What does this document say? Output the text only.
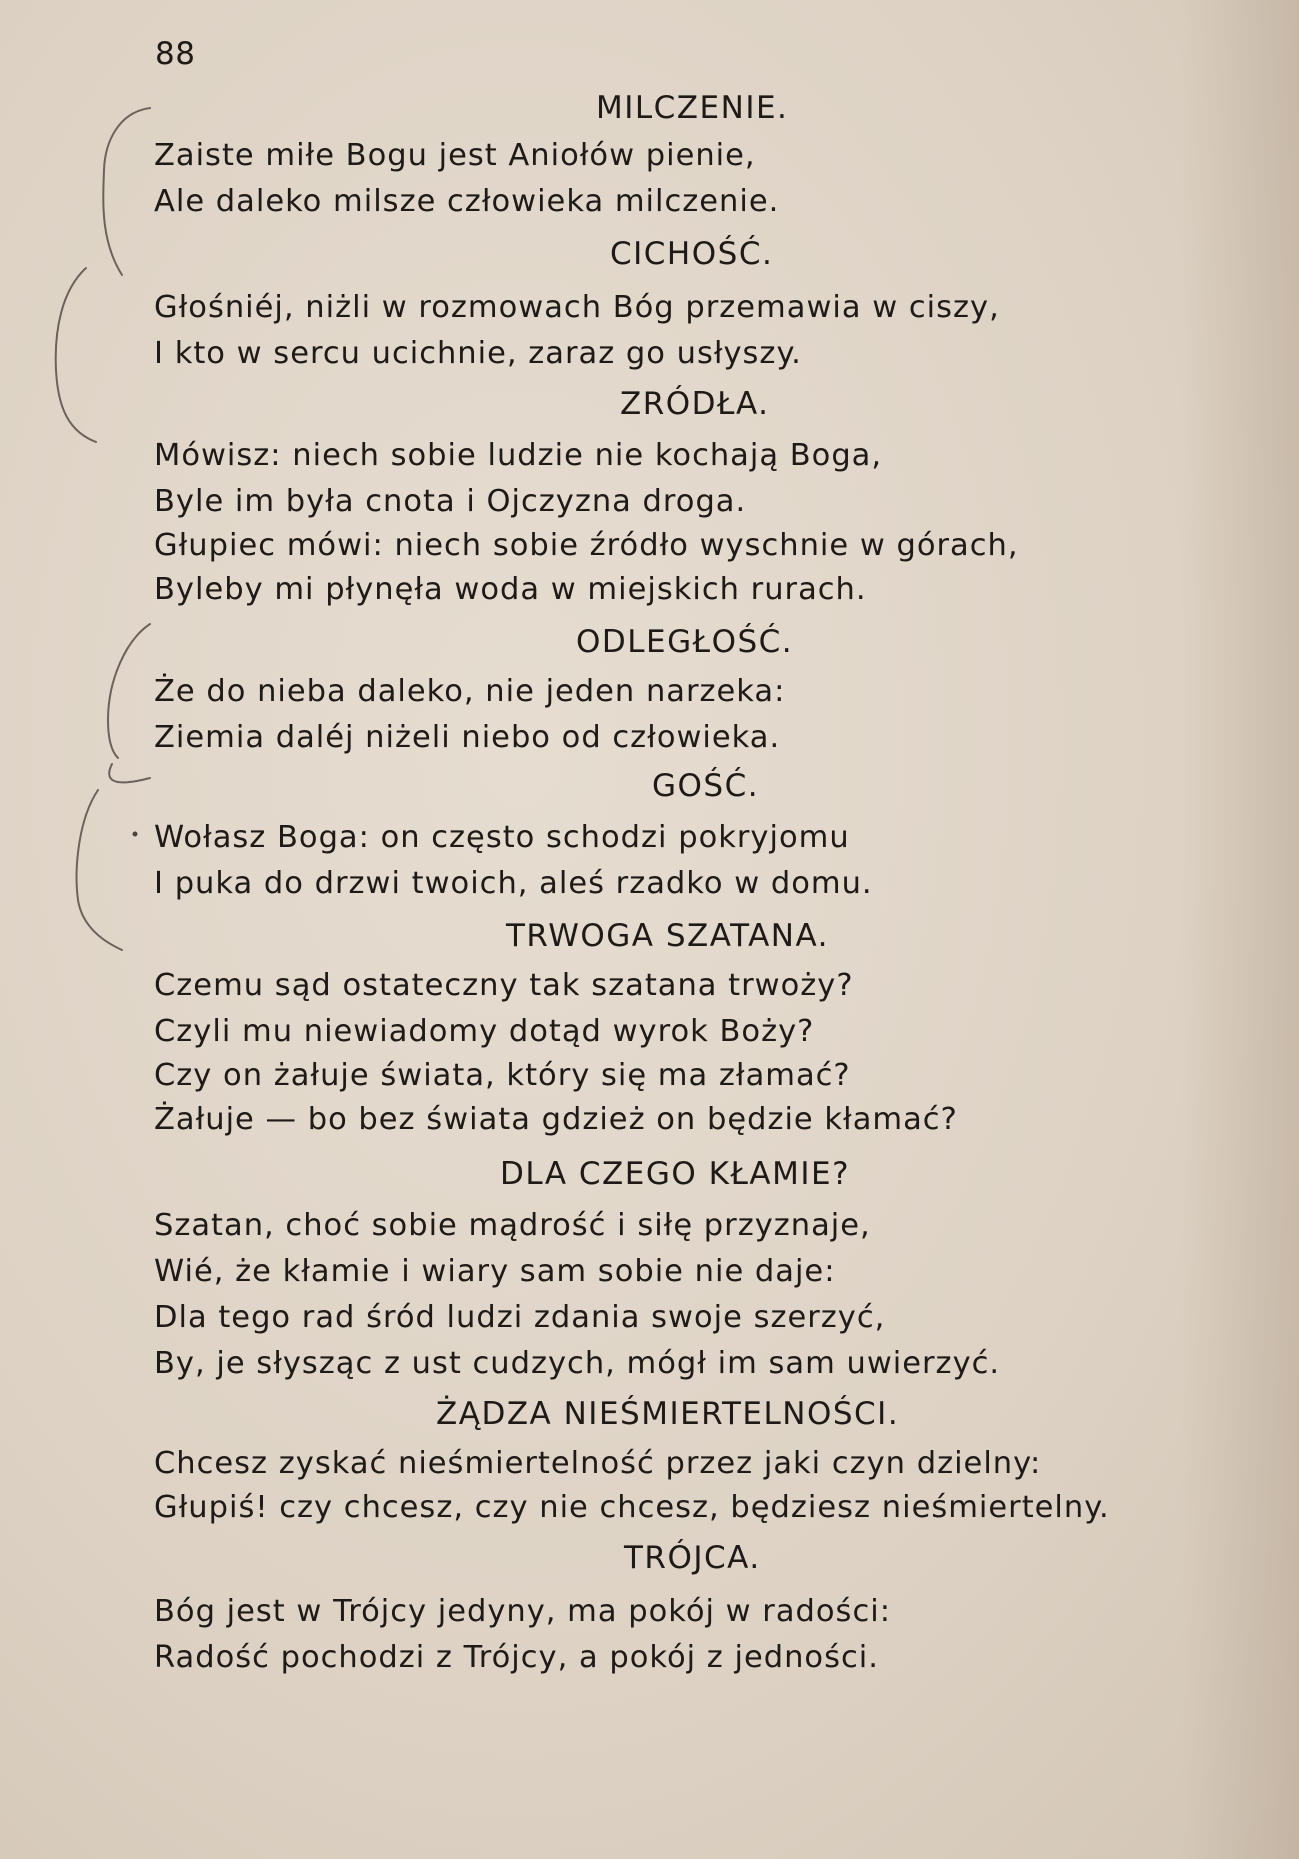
88
MILCZENIE.
Zaiste miłe Bogu jest Aniołów pienie,
Ale daleko milsze człowieka milczenie.
CICHOŚĆ.
Głośniéj, niżli w rozmowach Bóg przemawia w ciszy,
I kto w sercu ucichnie, zaraz go usłyszy.
ZRÓDŁA.
Mówisz: niech sobie ludzie nie kochają Boga,
Byle im była cnota i Ojczyzna droga.
Głupiec mówi: niech sobie źródło wyschnie w górach,
Byleby mi płynęła woda w miejskich rurach.
ODLEGŁOŚĆ.
Że do nieba daleko, nie jeden narzeka:
Ziemia daléj niżeli niebo od człowieka.
GOŚĆ.
Wołasz Boga: on często schodzi pokryjomu
I puka do drzwi twoich, aleś rzadko w domu.
TRWOGA SZATANA.
Czemu sąd ostateczny tak szatana trwoży?
Czyli mu niewiadomy dotąd wyrok Boży?
Czy on żałuje świata, który się ma złamać?
Żałuje — bo bez świata gdzież on będzie kłamać?
DLA CZEGO KŁAMIE?
Szatan, choć sobie mądrość i siłę przyznaje,
Wié, że kłamie i wiary sam sobie nie daje:
Dla tego rad śród ludzi zdania swoje szerzyć,
By, je słysząc z ust cudzych, mógł im sam uwierzyć.
ŻĄDZA NIEŚMIERTELNOŚCI.
Chcesz zyskać nieśmiertelność przez jaki czyn dzielny:
Głupiś! czy chcesz, czy nie chcesz, będziesz nieśmiertelny.
TRÓJCA.
Bóg jest w Trójcy jedyny, ma pokój w radości:
Radość pochodzi z Trójcy, a pokój z jedności.
